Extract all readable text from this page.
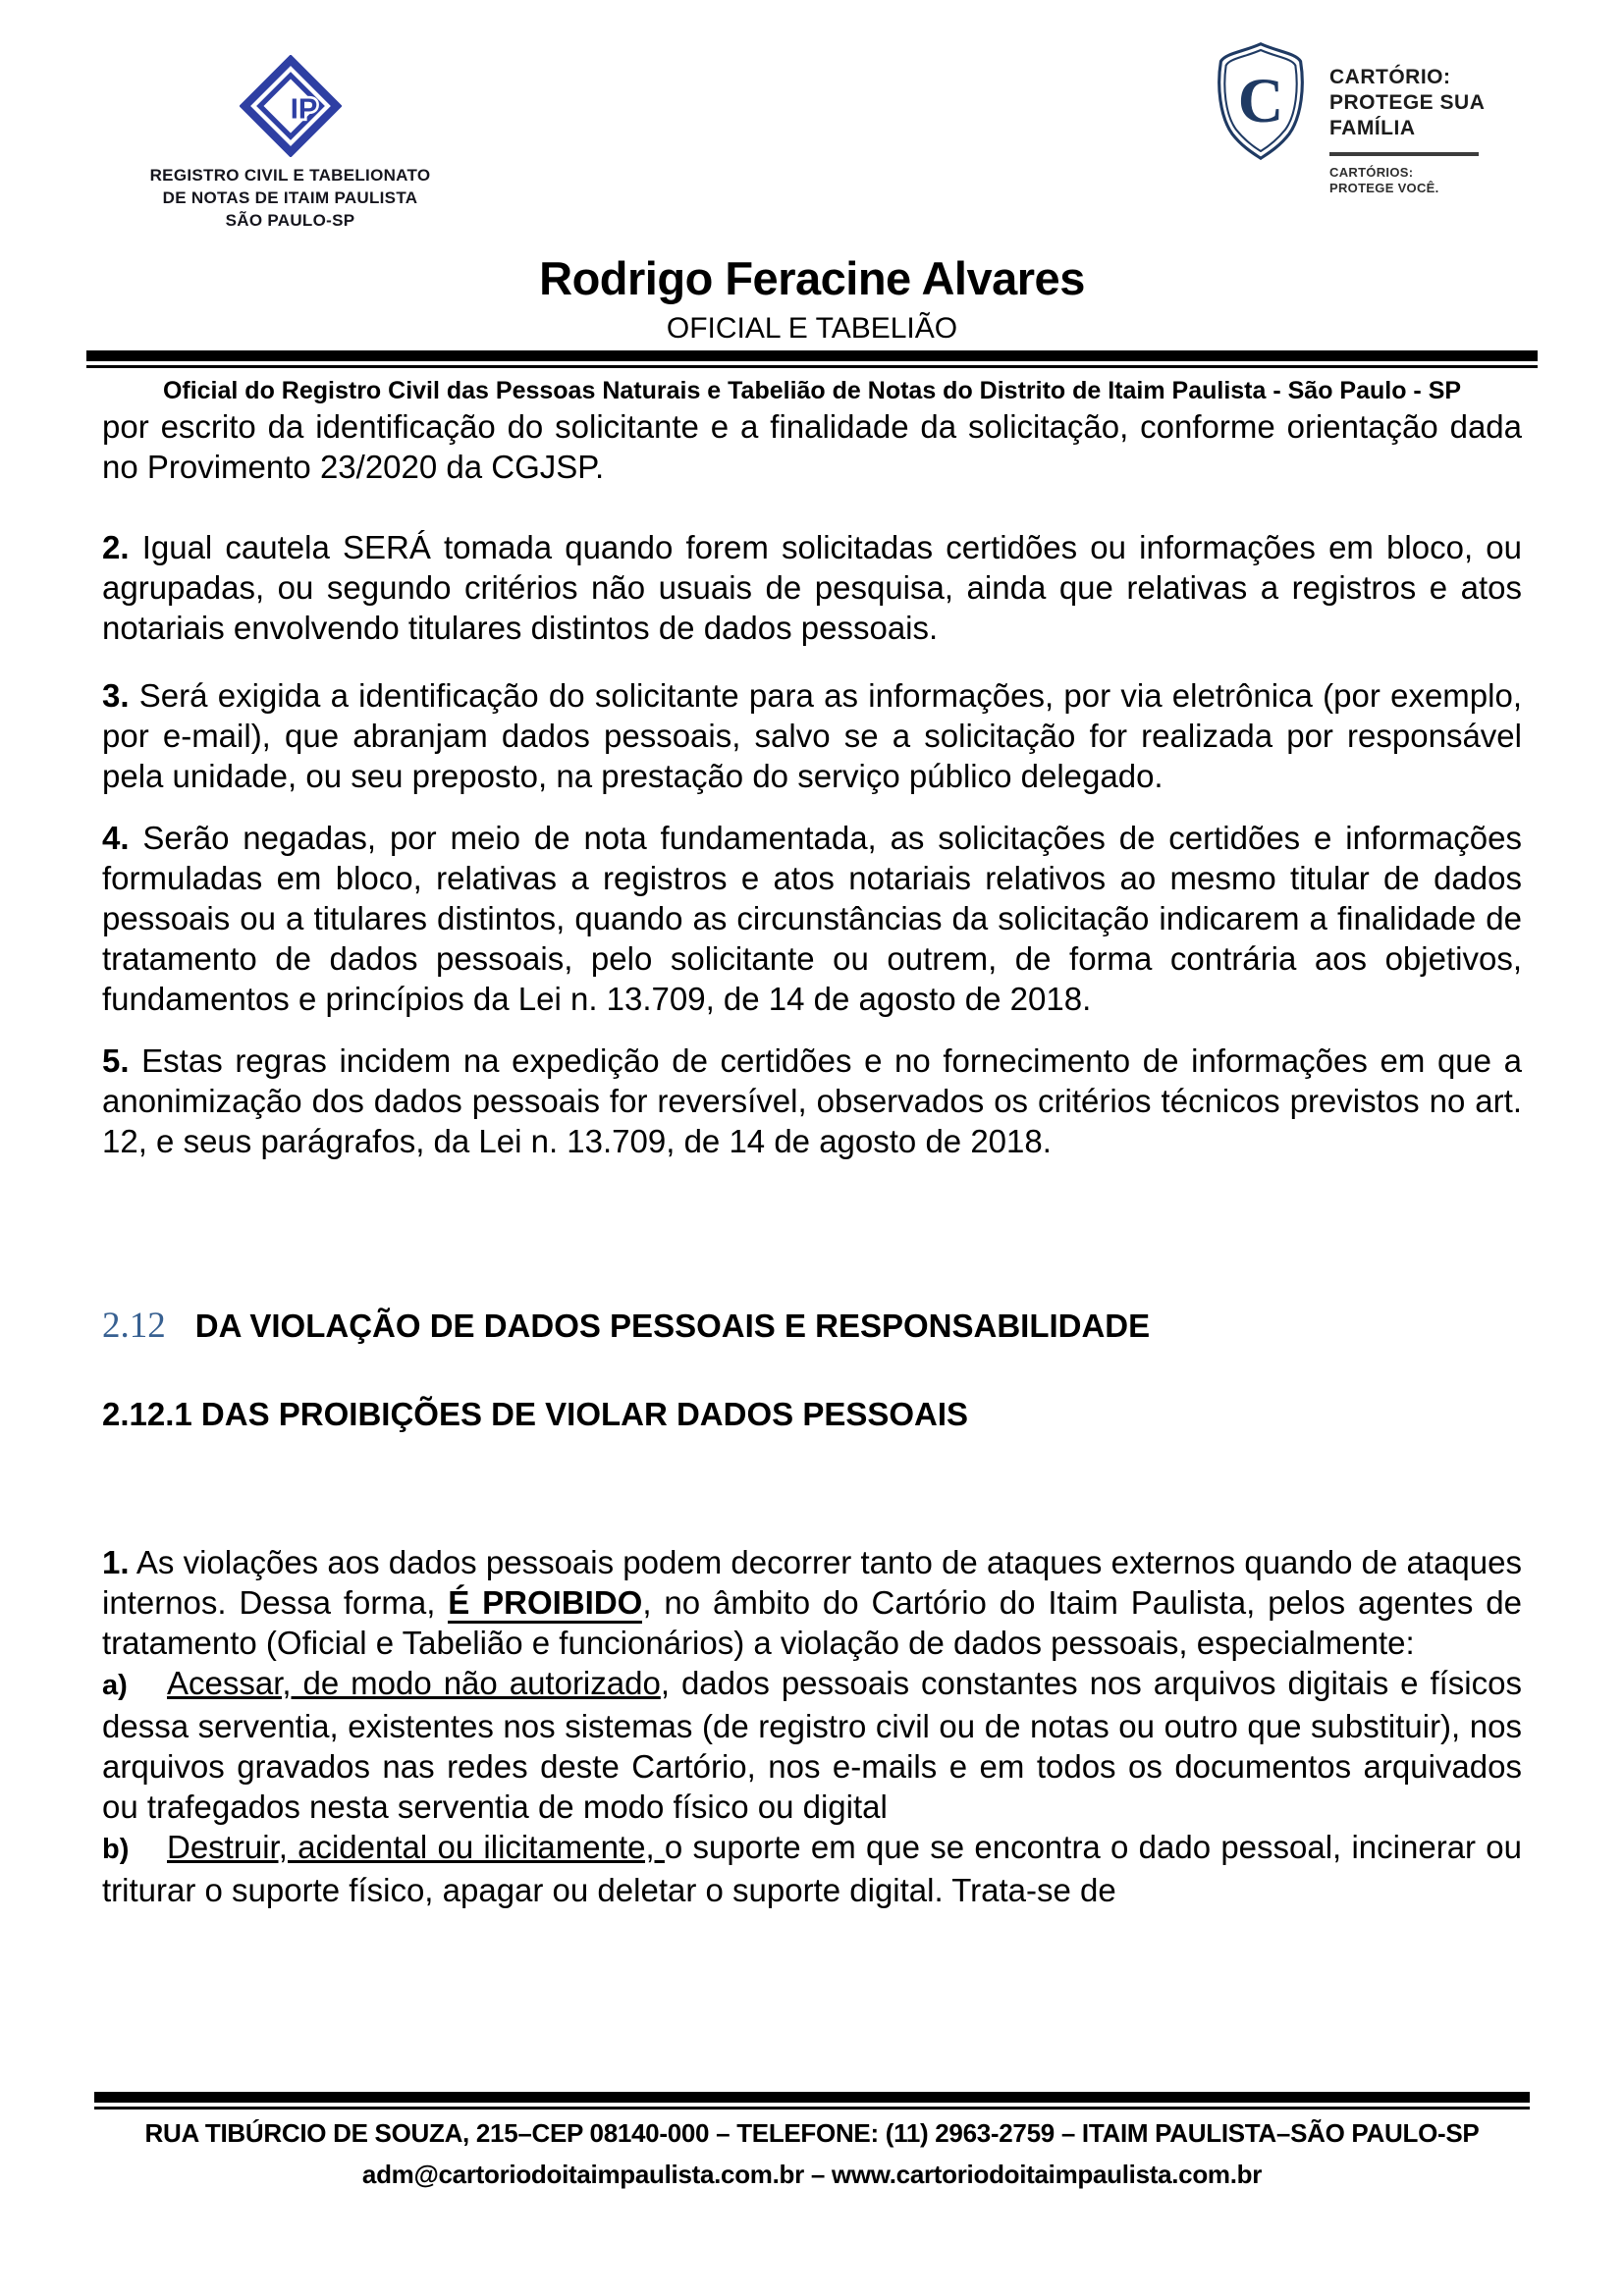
IP
REGISTRO CIVIL E TABELIONATO
DE NOTAS DE ITAIM PAULISTA
SÃO PAULO-SP
C CARTÓRIO:
PROTEGE SUA
FAMÍLIA
CARTÓRIOS:
PROTEGE VOCÊ.
Rodrigo Feracine Alvares
OFICIAL E TABELIÃO
Oficial do Registro Civil das Pessoas Naturais e Tabelião de Notas do Distrito de Itaim Paulista - São Paulo - SP

por escrito da identificação do solicitante e a finalidade da solicitação, conforme orientação dada no Provimento 23/2020 da CGJSP.

2. Igual cautela SERÁ tomada quando forem solicitadas certidões ou informações em bloco, ou agrupadas, ou segundo critérios não usuais de pesquisa, ainda que relativas a registros e atos notariais envolvendo titulares distintos de dados pessoais.

3. Será exigida a identificação do solicitante para as informações, por via eletrônica (por exemplo, por e-mail), que abranjam dados pessoais, salvo se a solicitação for realizada por responsável pela unidade, ou seu preposto, na prestação do serviço público delegado.

4. Serão negadas, por meio de nota fundamentada, as solicitações de certidões e informações formuladas em bloco, relativas a registros e atos notariais relativos ao mesmo titular de dados pessoais ou a titulares distintos, quando as circunstâncias da solicitação indicarem a finalidade de tratamento de dados pessoais, pelo solicitante ou outrem, de forma contrária aos objetivos, fundamentos e princípios da Lei n. 13.709, de 14 de agosto de 2018.

5. Estas regras incidem na expedição de certidões e no fornecimento de informações em que a anonimização dos dados pessoais for reversível, observados os critérios técnicos previstos no art. 12, e seus parágrafos, da Lei n. 13.709, de 14 de agosto de 2018.

2.12 DA VIOLAÇÃO DE DADOS PESSOAIS E RESPONSABILIDADE

2.12.1 DAS PROIBIÇÕES DE VIOLAR DADOS PESSOAIS

1. As violações aos dados pessoais podem decorrer tanto de ataques externos quando de ataques internos. Dessa forma, É PROIBIDO, no âmbito do Cartório do Itaim Paulista, pelos agentes de tratamento (Oficial e Tabelião e funcionários) a violação de dados pessoais, especialmente:

a) Acessar, de modo não autorizado, dados pessoais constantes nos arquivos digitais e físicos dessa serventia, existentes nos sistemas (de registro civil ou de notas ou outro que substituir), nos arquivos gravados nas redes deste Cartório, nos e-mails e em todos os documentos arquivados ou trafegados nesta serventia de modo físico ou digital

b) Destruir, acidental ou ilicitamente, o suporte em que se encontra o dado pessoal, incinerar ou triturar o suporte físico, apagar ou deletar o suporte digital. Trata-se de

RUA TIBÚRCIO DE SOUZA, 215–CEP 08140-000 – TELEFONE: (11) 2963-2759 – ITAIM PAULISTA–SÃO PAULO-SP
adm@cartoriodoitaimpaulista.com.br – www.cartoriodoitaimpaulista.com.br
